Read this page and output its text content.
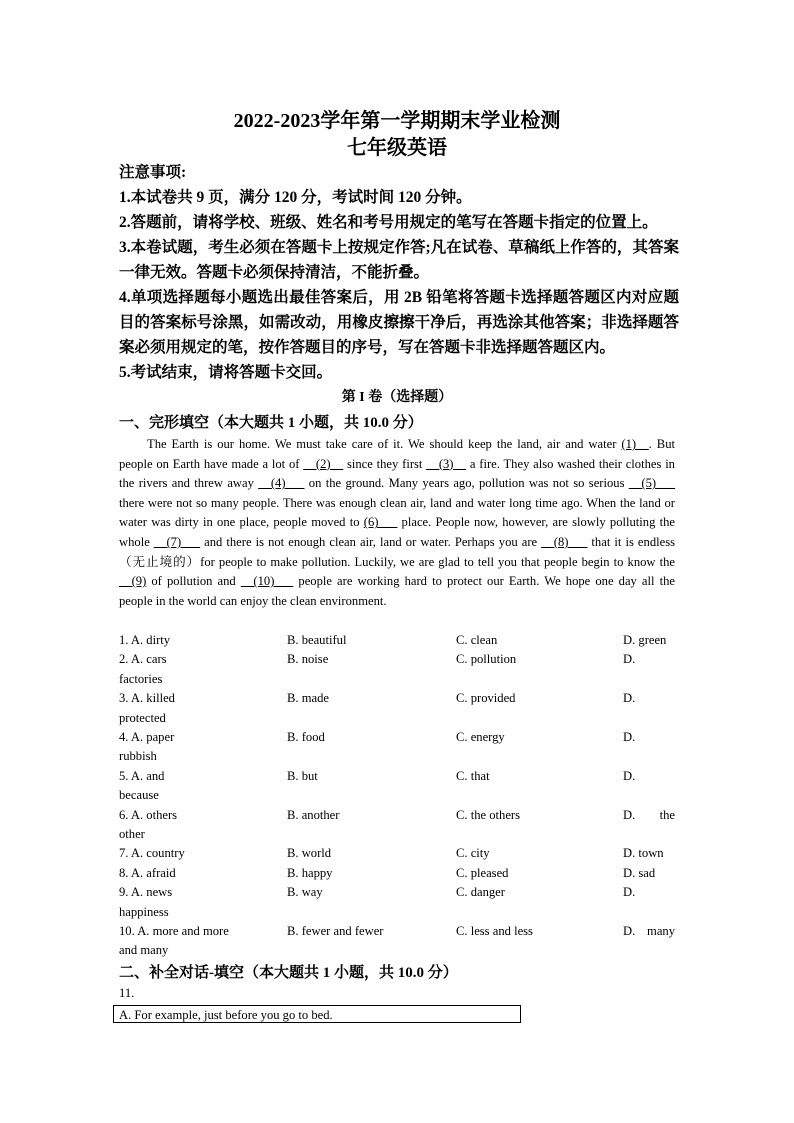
2022-2023学年第一学期期末学业检测
七年级英语

注意事项:

1.本试卷共 9 页，满分 120 分，考试时间 120 分钟。

2.答题前，请将学校、班级、姓名和考号用规定的笔写在答题卡指定的位置上。

3.本卷试题，考生必须在答题卡上按规定作答;凡在试卷、草稿纸上作答的，其答案一律无效。答题卡必须保持清洁，不能折叠。

4.单项选择题每小题选出最佳答案后，用 2B 铅笔将答题卡选择题答题区内对应题目的答案标号涂黑，如需改动，用橡皮擦擦干净后，再选涂其他答案；非选择题答案必须用规定的笔，按作答题目的序号，写在答题卡非选择题答题区内。

5.考试结束，请将答题卡交回。

第 I 卷（选择题）
一、完形填空（本大题共 1 小题，共 10.0 分）
The Earth is our home. We must take care of it. We should keep the land, air and water (1)__. But people on Earth have made a lot of __(2)__ since they first __(3)__ a fire. They also washed their clothes in the rivers and threw away __(4)___ on the ground. Many years ago, pollution was not so serious __(5)___ there were not so many people. There was enough clean air, land and water long time ago. When the land or water was dirty in one place, people moved to (6)___ place. People now, however, are slowly polluting the whole __(7)___ and there is not enough clean air, land or water. Perhaps you are __(8)___ that it is endless（无止境的）for people to make pollution. Luckily, we are glad to tell you that people begin to know the __(9) of pollution and __(10)___ people are working hard to protect our Earth. We hope one day all the people in the world can enjoy the clean environment.
1. A. dirty	B. beautiful	C. clean	D. green
2. A. cars	B. noise	C. pollution	D.
factories
3. A. killed	B. made	C. provided	D.
protected
4. A. paper	B. food	C. energy	D.
rubbish
5. A. and	B. but	C. that	D.
because
6. A. others	B. another	C. the others	D. the
other
7. A. country	B. world	C. city	D. town
8. A. afraid	B. happy	C. pleased	D. sad
9. A. news	B. way	C. danger	D.
happiness
10. A. more and more	B. fewer and fewer	C. less and less	D. many
and many
二、补全对话-填空（本大题共 1 小题，共 10.0 分）
11.
A. For example, just before you go to bed.
